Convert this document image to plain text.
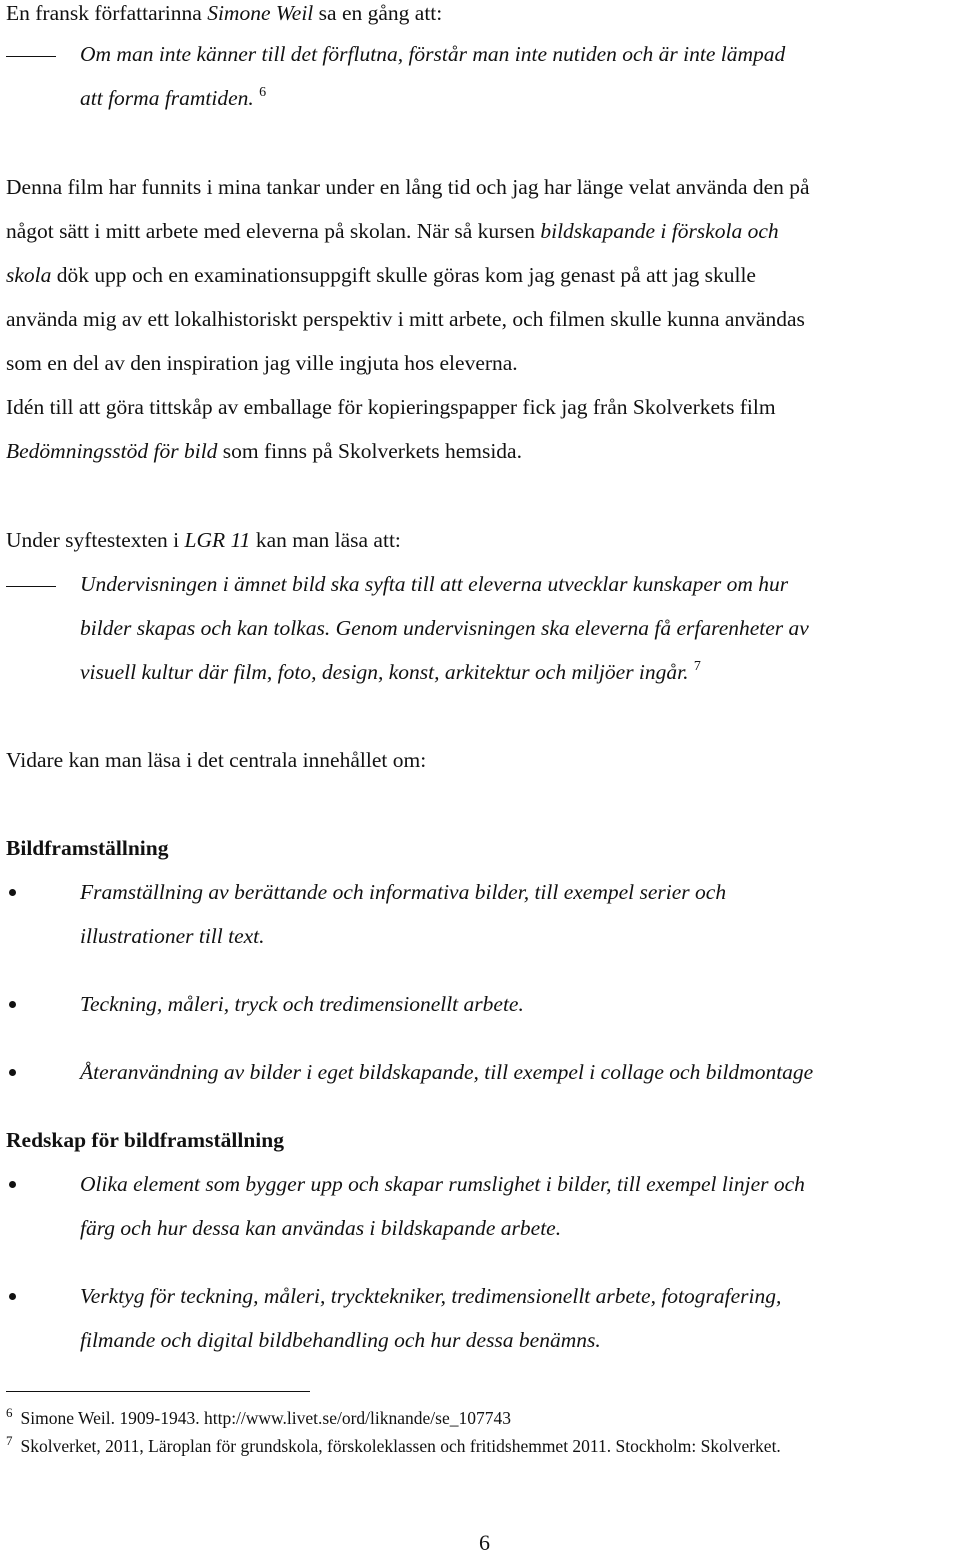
En fransk författarinna Simone Weil sa en gång att:
Om man inte känner till det förflutna, förstår man inte nutiden och är inte lämpad
att forma framtiden. $^6$
Denna film har funnits i mina tankar under en lång tid och jag har länge velat använda den på
något sätt i mitt arbete med eleverna på skolan. När så kursen bildskapande i förskola och
skola dök upp och en examinationsuppgift skulle göras kom jag genast på att jag skulle
använda mig av ett lokalhistoriskt perspektiv i mitt arbete, och filmen skulle kunna användas
som en del av den inspiration jag ville ingjuta hos eleverna.
Idén till att göra tittskåp av emballage för kopieringspapper fick jag från Skolverkets film
Bedömningsstöd för bild som finns på Skolverkets hemsida.
Under syftestexten i LGR 11 kan man läsa att:
Undervisningen i ämnet bild ska syfta till att eleverna utvecklar kunskaper om hur
bilder skapas och kan tolkas. Genom undervisningen ska eleverna få erfarenheter av
visuell kultur där film, foto, design, konst, arkitektur och miljöer ingår. $^7$
Vidare kan man läsa i det centrala innehållet om:
Bildframställning
Framställning av berättande och informativa bilder, till exempel serier och
illustrationer till text.
Teckning, måleri, tryck och tredimensionellt arbete.
Återanvändning av bilder i eget bildskapande, till exempel i collage och bildmontage
Redskap för bildframställning
Olika element som bygger upp och skapar rumslighet i bilder, till exempel linjer och
färg och hur dessa kan användas i bildskapande arbete.
Verktyg för teckning, måleri, trycktekniker, tredimensionellt arbete, fotografering,
filmande och digital bildbehandling och hur dessa benämns.
$^6$ Simone Weil. 1909-1943. http://www.livet.se/ord/liknande/se_107743
$^7$ Skolverket, 2011, Läroplan för grundskola, förskoleklassen och fritidshemmet 2011. Stockholm: Skolverket.
6
